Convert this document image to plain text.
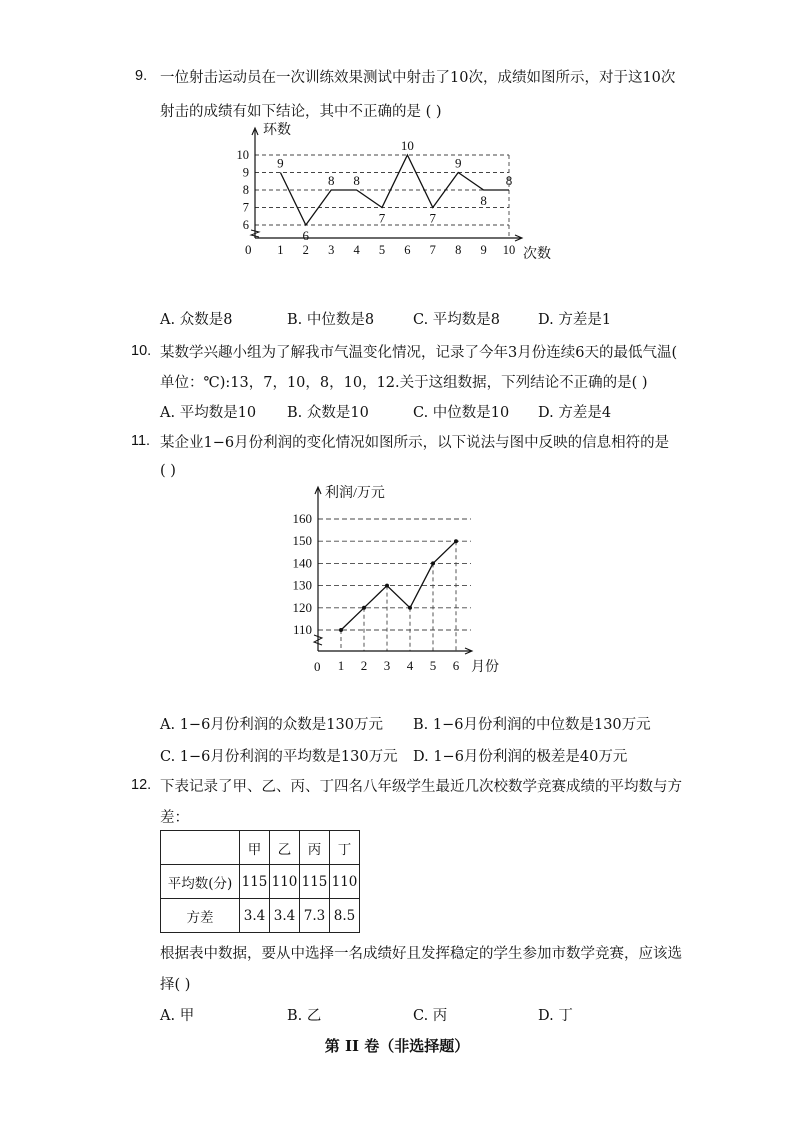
9. 一位射击运动员在一次训练效果测试中射击了10次，成绩如图所示，对于这10次
射击的成绩有如下结论，其中不正确的是 ( )
9
6
8 8
7
10
7
9
8
8
6
7
8
9
10
1 2 3 4 5 6 7 8 9 10
环数
次数
0
A. 众数是8	B. 中位数是8	C. 平均数是8	D. 方差是1
10. 某数学兴趣小组为了解我市气温变化情况，记录了今年3月份连续6天的最低气温(
单位：℃):13，7，10，8，10，12.关于这组数据，下列结论不正确的是( )
A. 平均数是10 B. 众数是10	C. 中位数是10 D. 方差是4
11. 某企业1−6月份利润的变化情况如图所示，以下说法与图中反映的信息相符的是
( )
110
120
130
140
150
160
1 2 3 4 5 6
利润/万元
月份
0
A. 1−6月份利润的众数是130万元 B. 1−6月份利润的中位数是130万元
C. 1−6月份利润的平均数是130万元 D. 1−6月份利润的极差是40万元
12. 下表记录了甲、乙、丙、丁四名八年级学生最近几次校数学竞赛成绩的平均数与方
差：
	甲	乙	丙	丁
平均数(分)	115	110	115	110
方差	3.4	3.4	7.3	8.5
根据表中数据，要从中选择一名成绩好且发挥稳定的学生参加市数学竞赛，应该选
择( )
A. 甲	B. 乙	C. 丙	D. 丁
第 II 卷（非选择题）
